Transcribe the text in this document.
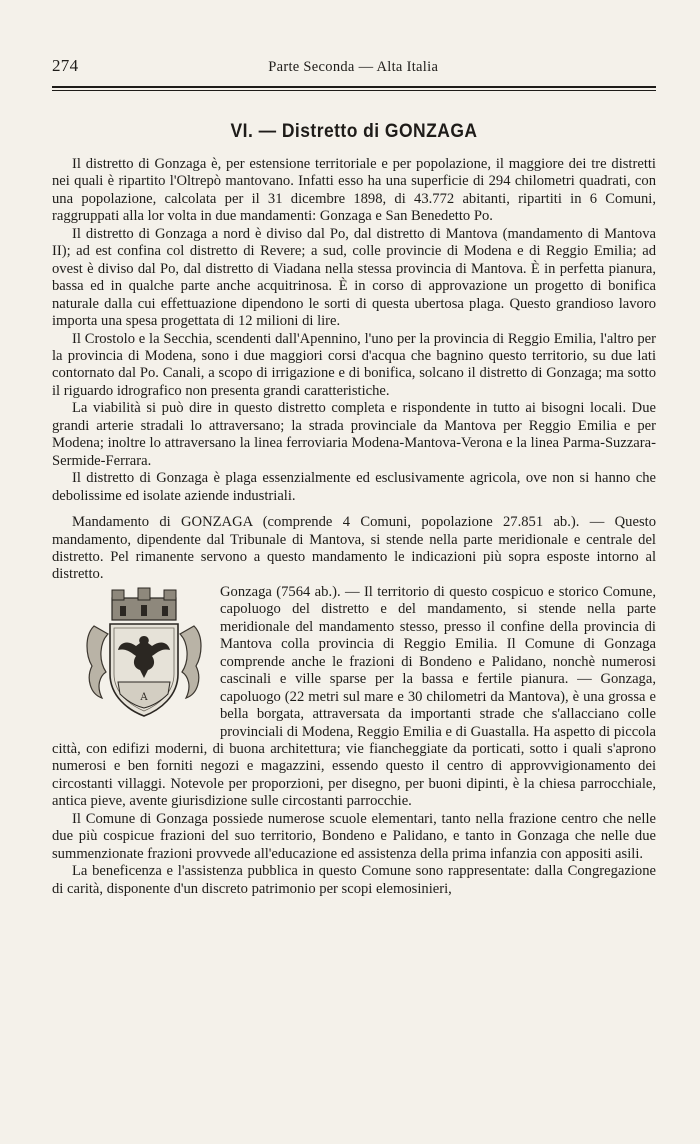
274	Parte Seconda — Alta Italia
VI. — Distretto di GONZAGA

Il distretto di Gonzaga è, per estensione territoriale e per popolazione, il maggiore dei tre distretti nei quali è ripartito l'Oltrepò mantovano. Infatti esso ha una superficie di 294 chilometri quadrati, con una popolazione, calcolata per il 31 dicembre 1898, di 43.772 abitanti, ripartiti in 6 Comuni, raggruppati alla lor volta in due mandamenti: Gonzaga e San Benedetto Po.

Il distretto di Gonzaga a nord è diviso dal Po, dal distretto di Mantova (mandamento di Mantova II); ad est confina col distretto di Revere; a sud, colle provincie di Modena e di Reggio Emilia; ad ovest è diviso dal Po, dal distretto di Viadana nella stessa provincia di Mantova. È in perfetta pianura, bassa ed in qualche parte anche acquitrinosa. È in corso di approvazione un progetto di bonifica naturale dalla cui effettuazione dipendono le sorti di questa ubertosa plaga. Questo grandioso lavoro importa una spesa progettata di 12 milioni di lire.

Il Crostolo e la Secchia, scendenti dall'Apennino, l'uno per la provincia di Reggio Emilia, l'altro per la provincia di Modena, sono i due maggiori corsi d'acqua che bagnino questo territorio, su due lati contornato dal Po. Canali, a scopo di irrigazione e di bonifica, solcano il distretto di Gonzaga; ma sotto il riguardo idrografico non presenta grandi caratteristiche.

La viabilità si può dire in questo distretto completa e rispondente in tutto ai bisogni locali. Due grandi arterie stradali lo attraversano; la strada provinciale da Mantova per Reggio Emilia e per Modena; inoltre lo attraversano la linea ferroviaria Modena-Mantova-Verona e la linea Parma-Suzzara-Sermide-Ferrara.

Il distretto di Gonzaga è plaga essenzialmente ed esclusivamente agricola, ove non si hanno che debolissime ed isolate aziende industriali.

Mandamento di GONZAGA (comprende 4 Comuni, popolazione 27.851 ab.). — Questo mandamento, dipendente dal Tribunale di Mantova, si stende nella parte meridionale e centrale del distretto. Pel rimanente servono a questo mandamento le indicazioni più sopra esposte intorno al distretto.

A

Gonzaga (7564 ab.). — Il territorio di questo cospicuo e storico Comune, capoluogo del distretto e del mandamento, si stende nella parte meridionale del mandamento stesso, presso il confine della provincia di Mantova colla provincia di Reggio Emilia. Il Comune di Gonzaga comprende anche le frazioni di Bondeno e Palidano, nonchè numerosi cascinali e ville sparse per la bassa e fertile pianura. — Gonzaga, capoluogo (22 metri sul mare e 30 chilometri da Mantova), è una grossa e bella borgata, attraversata da importanti strade che s'allacciano colle provinciali di Modena, Reggio Emilia e di Guastalla. Ha aspetto di piccola città, con edifizi moderni, di buona architettura; vie fiancheggiate da porticati, sotto i quali s'aprono numerosi e ben forniti negozi e magazzini, essendo questo il centro di approvvigionamento dei circostanti villaggi. Notevole per proporzioni, per disegno, per buoni dipinti, è la chiesa parrocchiale, antica pieve, avente giurisdizione sulle circostanti parrocchie.

Il Comune di Gonzaga possiede numerose scuole elementari, tanto nella frazione centro che nelle due più cospicue frazioni del suo territorio, Bondeno e Palidano, e tanto in Gonzaga che nelle due summenzionate frazioni provvede all'educazione ed assistenza della prima infanzia con appositi asili.

La beneficenza e l'assistenza pubblica in questo Comune sono rappresentate: dalla Congregazione di carità, disponente d'un discreto patrimonio per scopi elemosinieri,
